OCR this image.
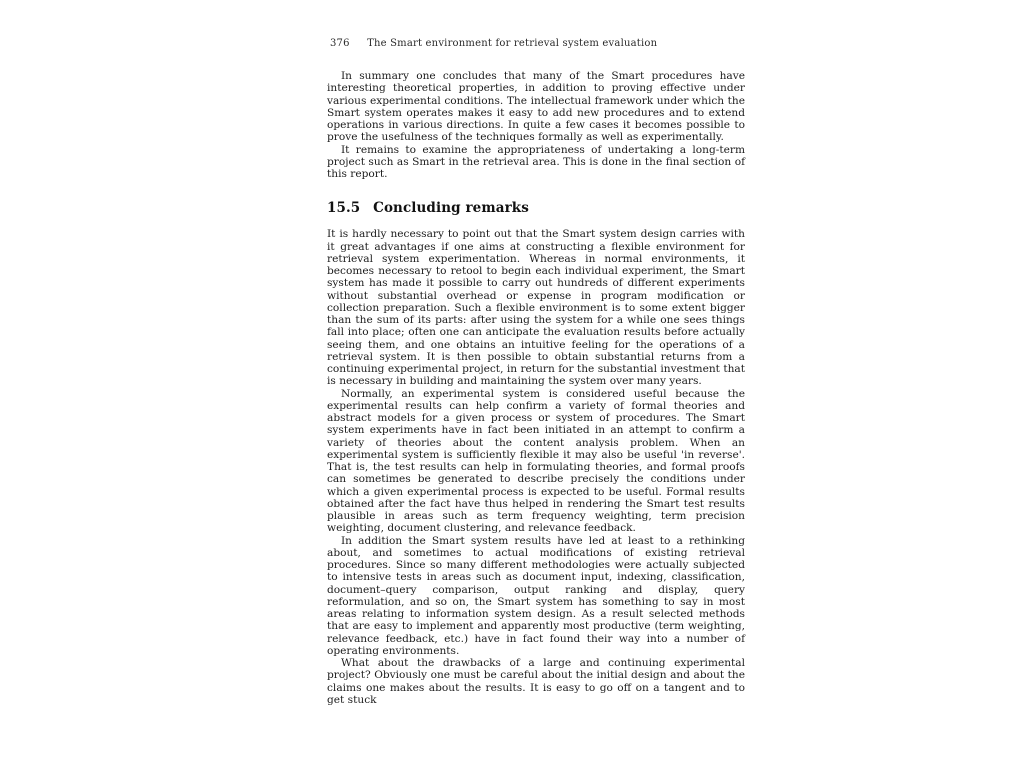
376 The Smart environment for retrieval system evaluation

In summary one concludes that many of the Smart procedures have interesting theoretical properties, in addition to proving effective under various experimental conditions. The intellectual framework under which the Smart system operates makes it easy to add new procedures and to extend operations in various directions. In quite a few cases it becomes possible to prove the usefulness of the techniques formally as well as experimentally.

It remains to examine the appropriateness of undertaking a long-term project such as Smart in the retrieval area. This is done in the final section of this report.

15.5 Concluding remarks

It is hardly necessary to point out that the Smart system design carries with it great advantages if one aims at constructing a flexible environment for retrieval system experimentation. Whereas in normal environments, it becomes necessary to retool to begin each individual experiment, the Smart system has made it possible to carry out hundreds of different experiments without substantial overhead or expense in program modification or collection preparation. Such a flexible environment is to some extent bigger than the sum of its parts: after using the system for a while one sees things fall into place; often one can anticipate the evaluation results before actually seeing them, and one obtains an intuitive feeling for the operations of a retrieval system. It is then possible to obtain substantial returns from a continuing experimental project, in return for the substantial investment that is necessary in building and maintaining the system over many years.

Normally, an experimental system is considered useful because the experimental results can help confirm a variety of formal theories and abstract models for a given process or system of procedures. The Smart system experiments have in fact been initiated in an attempt to confirm a variety of theories about the content analysis problem. When an experimental system is sufficiently flexible it may also be useful 'in reverse'. That is, the test results can help in formulating theories, and formal proofs can sometimes be generated to describe precisely the conditions under which a given experimental process is expected to be useful. Formal results obtained after the fact have thus helped in rendering the Smart test results plausible in areas such as term frequency weighting, term precision weighting, document clustering, and relevance feedback.

In addition the Smart system results have led at least to a rethinking about, and sometimes to actual modifications of existing retrieval procedures. Since so many different methodologies were actually subjected to intensive tests in areas such as document input, indexing, classification, document–query comparison, output ranking and display, query reformulation, and so on, the Smart system has something to say in most areas relating to information system design. As a result selected methods that are easy to implement and apparently most productive (term weighting, relevance feedback, etc.) have in fact found their way into a number of operating environments.

What about the drawbacks of a large and continuing experimental project? Obviously one must be careful about the initial design and about the claims one makes about the results. It is easy to go off on a tangent and to get stuck
